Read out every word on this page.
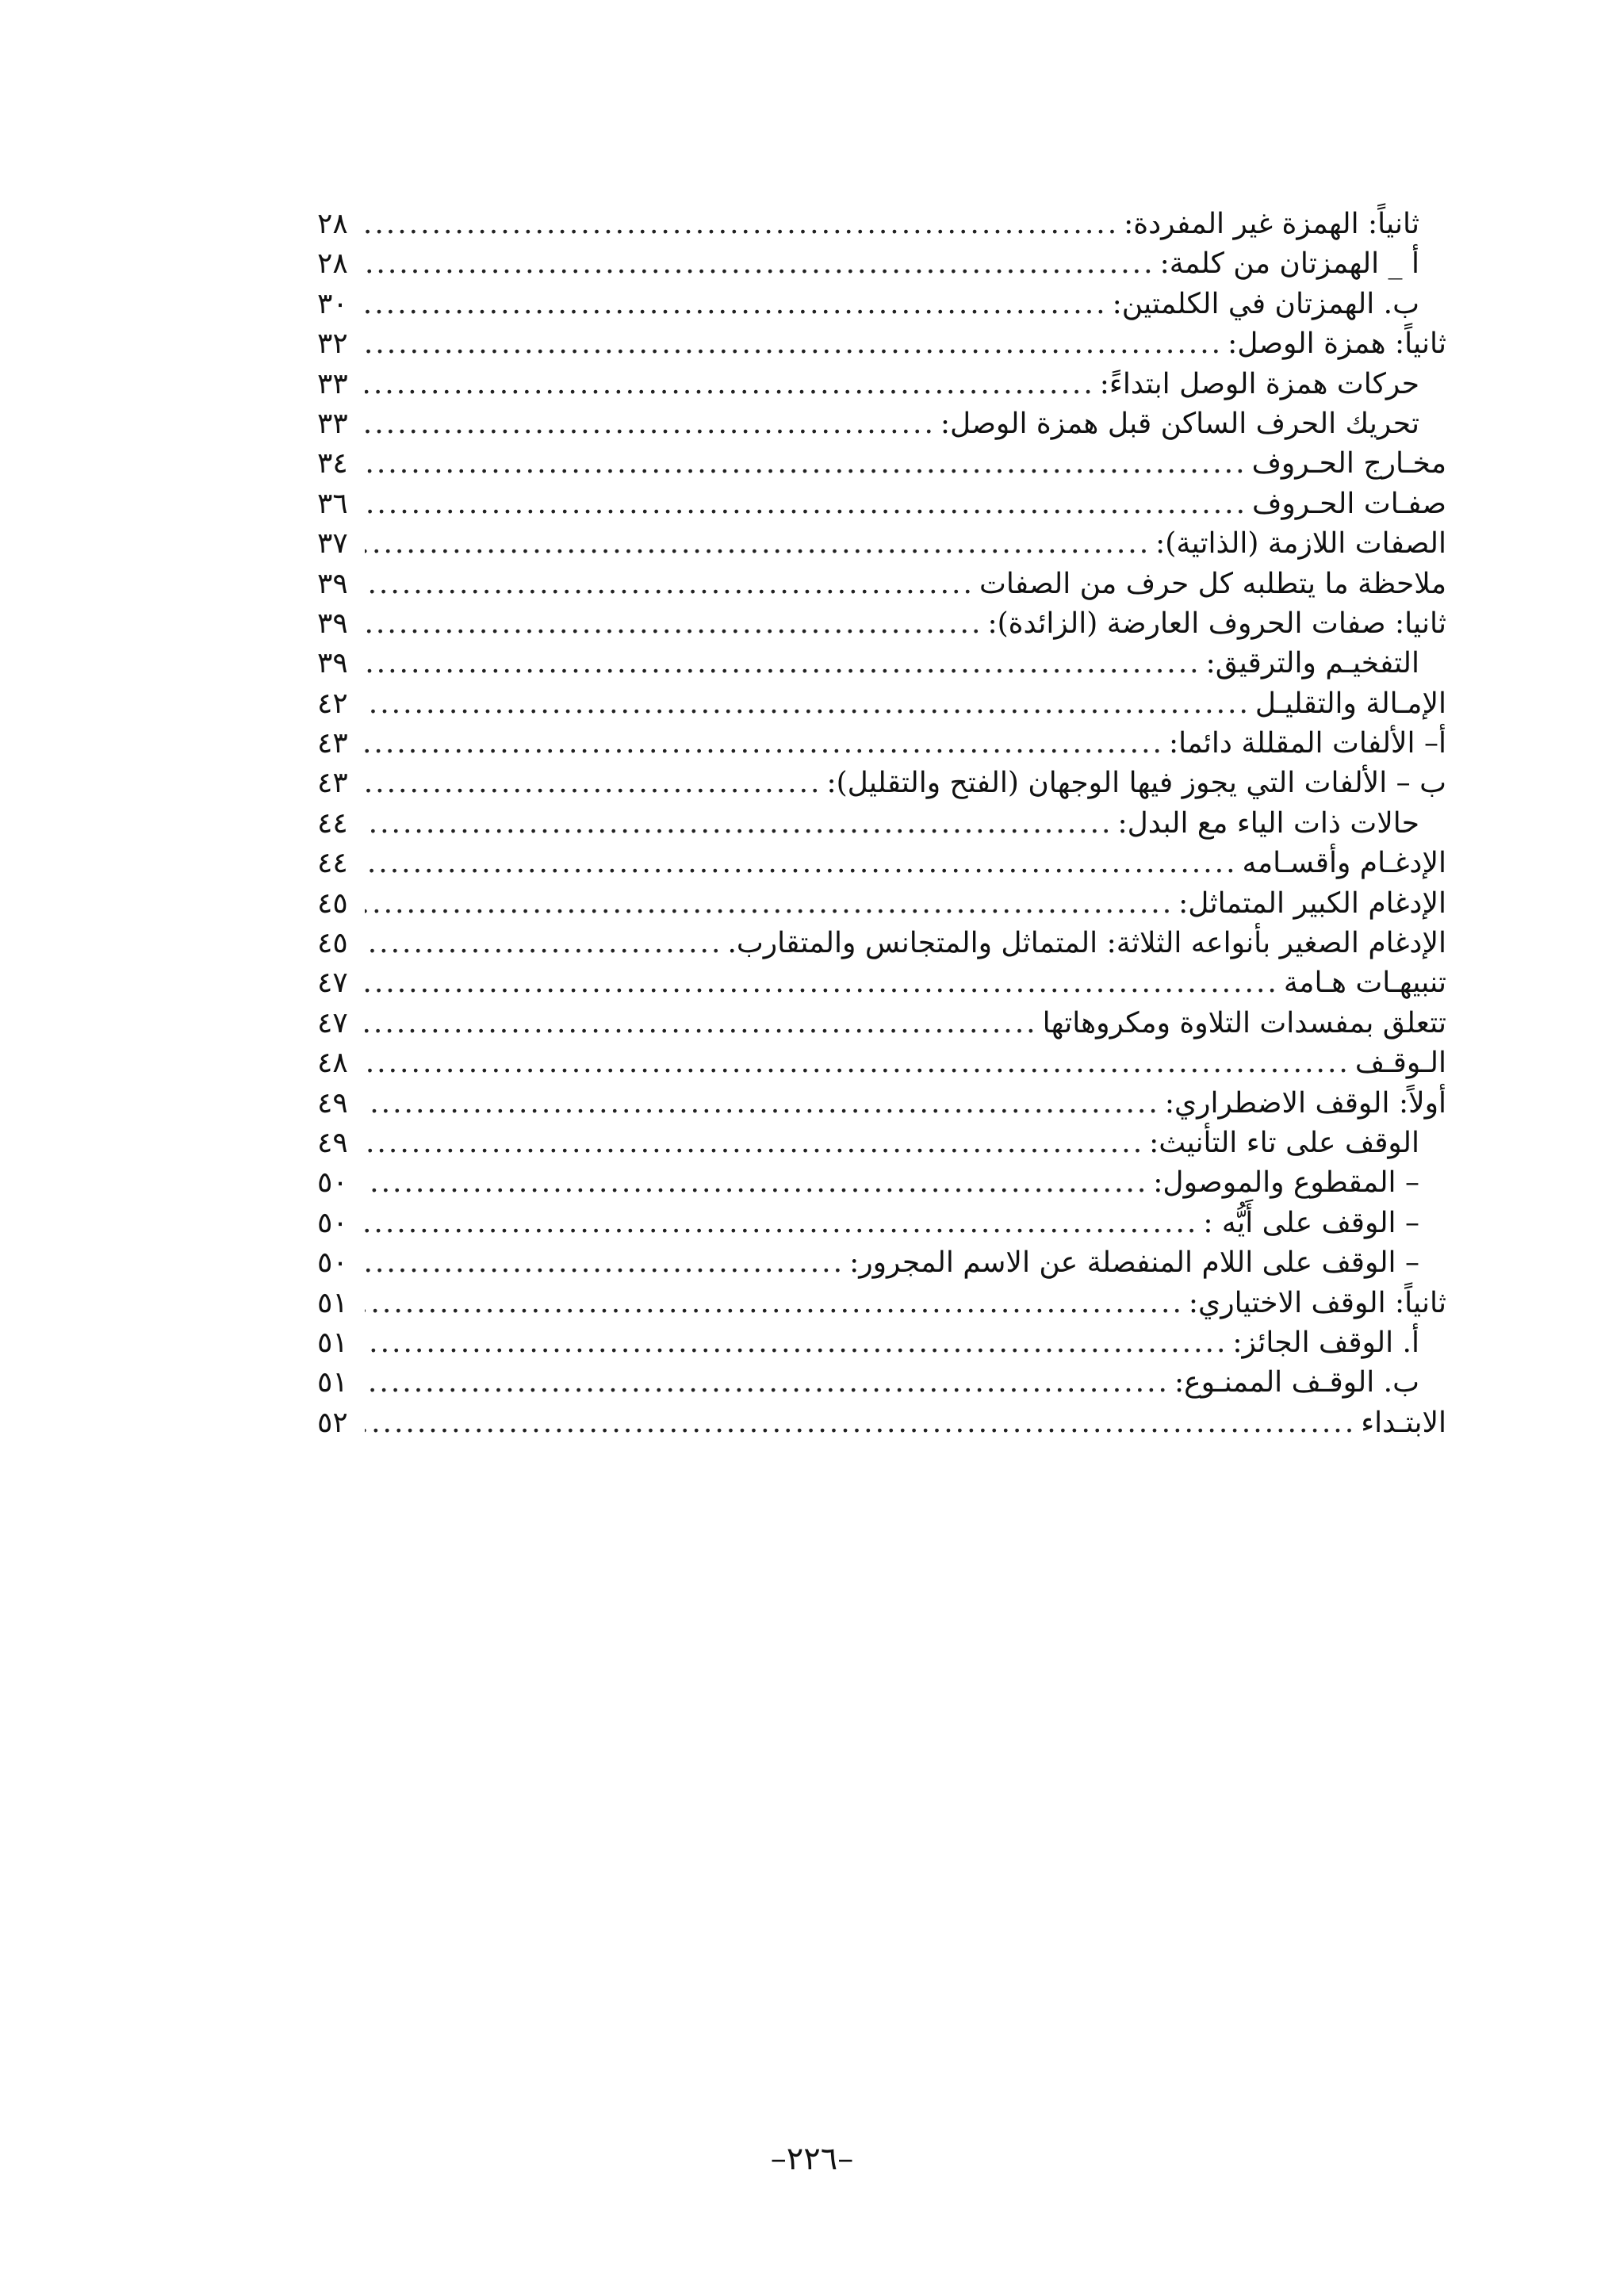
ثانياً: الهمزة غير المفردة:
.....
٢٨
أ _ الهمزتان من كلمة:
.....
٢٨
ب. الهمزتان في الكلمتين:
.....
٣٠
ثانياً: همزة الوصل:
.....
٣٢
حركات همزة الوصل ابتداءً:
.....
٣٣
تحريك الحرف الساكن قبل همزة الوصل:
.....
٣٣
مخـارج الحـروف
.....
٣٤
صفـات الحـروف
.....
٣٦
الصفات اللازمة (الذاتية):
.....
٣٧
ملاحظة ما يتطلبه كل حرف من الصفات
.....
٣٩
ثانيا: صفات الحروف العارضة (الزائدة):
.....
٣٩
التفخيـم والترقيق:
.....
٣٩
الإمـالة والتقليـل
.....
٤٢
أ– الألفات المقللة دائما:
.....
٤٣
ب – الألفات التي يجوز فيها الوجهان (الفتح والتقليل):
.....
٤٣
حالات ذات الياء مع البدل:
.....
٤٤
الإدغـام وأقسـامه
.....
٤٤
الإدغام الكبير المتماثل:
.....
٤٥
الإدغام الصغير بأنواعه الثلاثة: المتماثل والمتجانس والمتقارب.
.....
٤٥
تنبيهـات هـامة
.....
٤٧
تتعلق بمفسدات التلاوة ومكروهاتها
.....
٤٧
الـوقـف
.....
٤٨
أولاً: الوقف الاضطراري:
.....
٤٩
الوقف على تاء التأنيث:
.....
٤٩
– المقطوع والموصول:
.....
٥٠
– الوقف على أَيُّه :
.....
٥٠
– الوقف على اللام المنفصلة عن الاسم المجرور:
.....
٥٠
ثانياً: الوقف الاختياري:
.....
٥١
أ. الوقف الجائز:
.....
٥١
ب. الوقـف الممنـوع:
.....
٥١
الابتـداء
.....
٥٢
–٢٢٦–
